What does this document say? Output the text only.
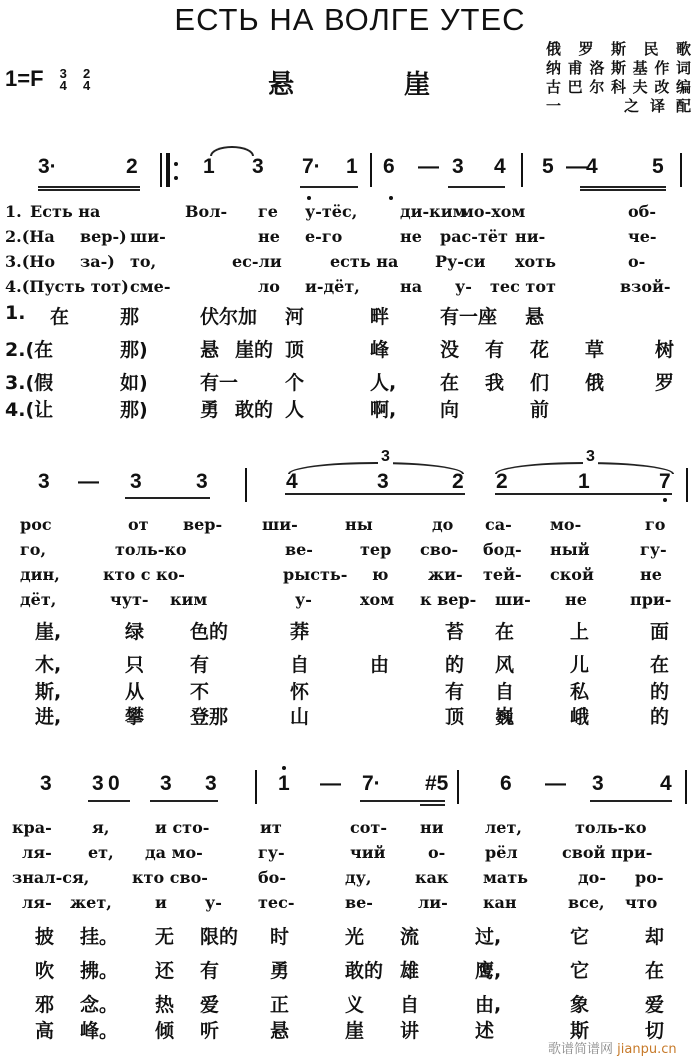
ЕСТЬ НА ВОЛГЕ УТЕС
1=F 3
4 2
4	悬	崖
俄罗斯民歌
纳甫洛斯基作词
古巴尔科夫改编
一　　之译配
3·	2	1 3 7· 1 6 — 3 4 5 — 4	5
1. Есть на	Вол- ге у-тёс,	ди-ким
мо-хом	об-
2.(На вер-) ши-	не е-го	не рас-тёт ни-	че-
3.(Но за-) то,	ес-ли	есть на Ру-си хоть	о-
4.(Пусть тот) сме-	ло и-дёт,	на у- тес тот	взой-
1. 在	那	伏尔加 河	畔	有一座 悬
2.(在	那)	悬 崖的 顶	峰	没 有 花 草	树
3.(假	如)	有一 个	人, 在 我 们 俄	罗
4.(让	那)	勇 敢的 人	啊, 向	前
3 — 3	3	4	3	2 2	1	7
3	3
рос	от вер- ши-	ны	до са- мо-	го
го,	толь-ко	ве-	тер сво- бод- ный	гу-
дин,	кто с ко-	рысть- ю жи- тей- ской	не
дёт,	чут- ким	у-	хом к вер- ши- не	при-
崖,	绿 色的	莽	苔 在	上	面
木,	只 有	自	由	的 风	儿	在
斯,	从 不	怀	有 自	私	的
进,	攀 登那	山	顶 巍	峨	的
3 3 0 3 3	1 — 7· #5 6 — 3	4
кра-	я,	и сто-	ит	сот- ни	лет,	толь-ко
ля- ет, да мо-	гу-	чий	о- рёл	свой при-
знал-ся,	кто сво-	бо-	ду,	как мать	до- ро-
ля- жет,	и у- тес-	ве-	ли- кан	все, что
披 挂。 无 限的 时	光 流	过,	它	却
吹 拂。 还 有	勇	敢的 雄	鹰,	它	在
邪 念。 热 爱	正	义 自	由,	象	爱
高 峰。 倾 听	悬	崖 讲	述	斯	切
歌谱简谱网 jianpu.cn
